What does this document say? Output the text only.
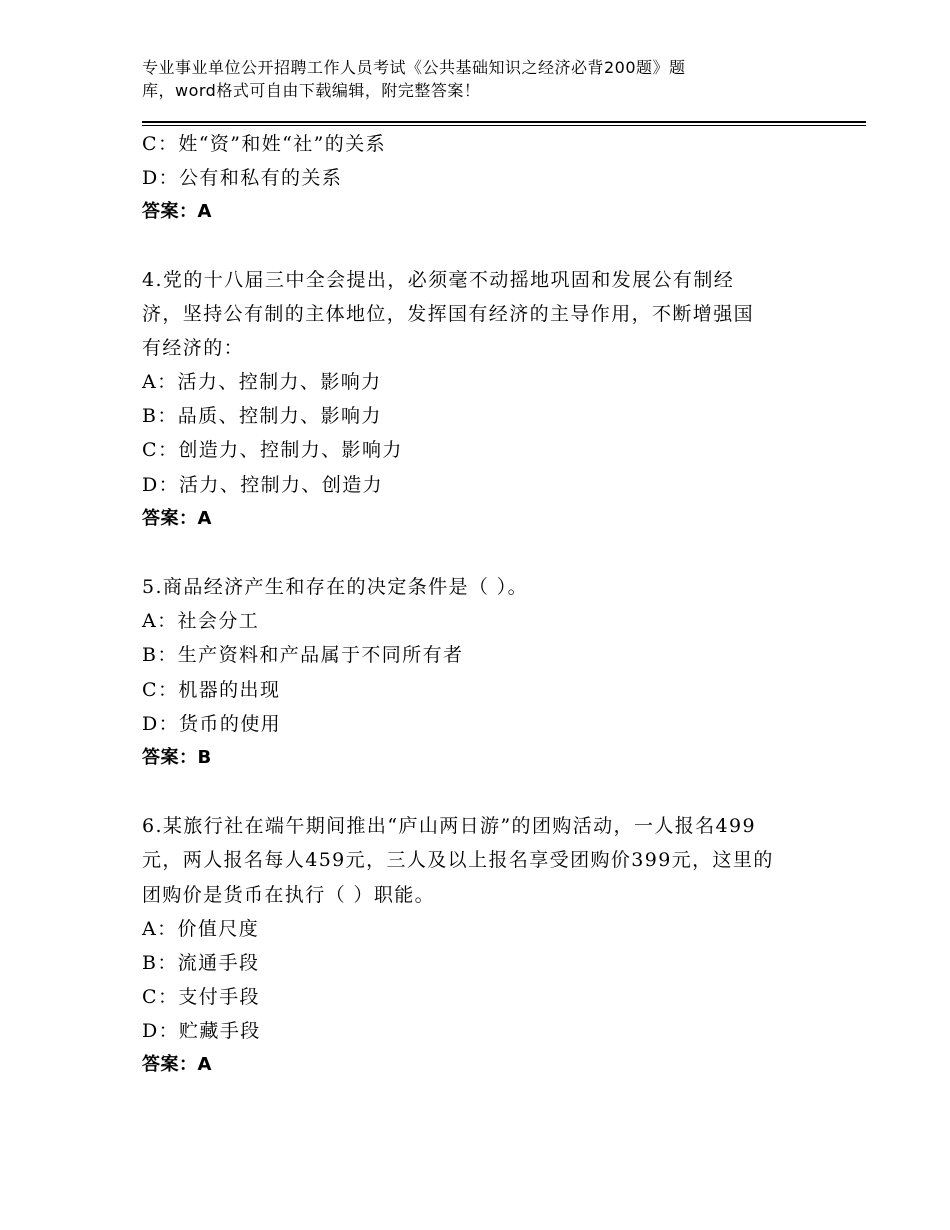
专业事业单位公开招聘工作人员考试《公共基础知识之经济必背200题》题
库，word格式可自由下载编辑，附完整答案！
C：姓“资”和姓“社”的关系
D：公有和私有的关系
答案：A
4.党的十八届三中全会提出，必须毫不动摇地巩固和发展公有制经
济，坚持公有制的主体地位，发挥国有经济的主导作用，不断增强国
有经济的：
A：活力、控制力、影响力
B：品质、控制力、影响力
C：创造力、控制力、影响力
D：活力、控制力、创造力
答案：A
5.商品经济产生和存在的决定条件是（ ）。
A：社会分工
B：生产资料和产品属于不同所有者
C：机器的出现
D：货币的使用
答案：B
6.某旅行社在端午期间推出“庐山两日游”的团购活动，一人报名499
元，两人报名每人459元，三人及以上报名享受团购价399元，这里的
团购价是货币在执行（ ）职能。
A：价值尺度
B：流通手段
C：支付手段
D：贮藏手段
答案：A
